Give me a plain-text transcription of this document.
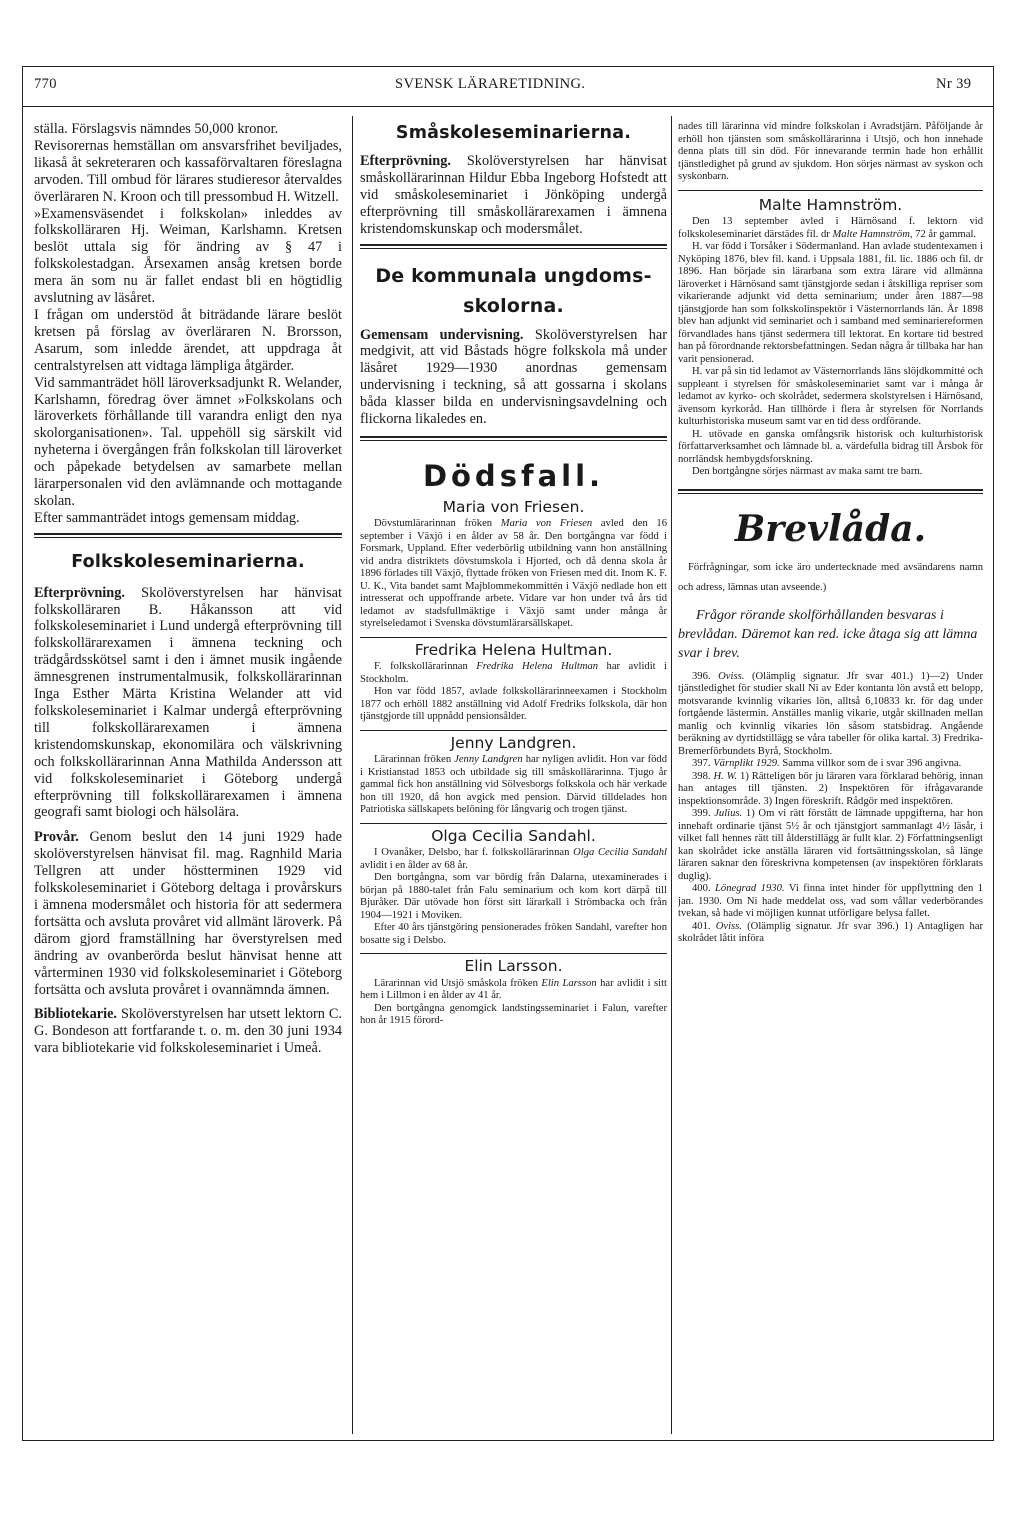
770	SVENSK LÄRARETIDNING.	Nr 39

ställa. Förslagsvis nämndes 50,000 kronor.

Revisorernas hemställan om ansvarsfrihet beviljades, likaså åt sekreteraren och kassaförvaltaren föreslagna arvoden. Till ombud för lärares studieresor återvaldes överläraren N. Kroon och till pressombud H. Witzell.

»Examensväsendet i folkskolan» inleddes av folkskolläraren Hj. Weiman, Karlshamn. Kretsen beslöt uttala sig för ändring av § 47 i folkskolestadgan. Årsexamen ansåg kretsen borde mera än som nu är fallet endast bli en högtidlig avslutning av läsåret.

I frågan om understöd åt biträdande lärare beslöt kretsen på förslag av överläraren N. Brorsson, Asarum, som inledde ärendet, att uppdraga åt centralstyrelsen att vidtaga lämpliga åtgärder.

Vid sammanträdet höll läroverksadjunkt R. Welander, Karlshamn, föredrag över ämnet »Folkskolans och läroverkets förhållande till varandra enligt den nya skolorganisationen». Tal. uppehöll sig särskilt vid nyheterna i övergången från folkskolan till läroverket och påpekade betydelsen av samarbete mellan lärarpersonalen vid den avlämnande och mottagande skolan.

Efter sammanträdet intogs gemensam middag.

Folkskoleseminarierna.

Efterprövning. Skolöverstyrelsen har hänvisat folkskolläraren B. Håkansson att vid folkskoleseminariet i Lund undergå efterprövning till folkskollärarexamen i ämnena teckning och trädgårdsskötsel samt i den i ämnet musik ingående ämnesgrenen instrumentalmusik, folkskollärarinnan Inga Esther Märta Kristina Welander att vid folkskoleseminariet i Kalmar undergå efterprövning till folkskollärarexamen i ämnena kristendomskunskap, ekonomilära och välskrivning och folkskollärarinnan Anna Mathilda Andersson att vid folkskoleseminariet i Göteborg undergå efterprövning till folkskollärarexamen i ämnena geografi samt biologi och hälsolära.

Provår. Genom beslut den 14 juni 1929 hade skolöverstyrelsen hänvisat fil. mag. Ragnhild Maria Tellgren att under höstterminen 1929 vid folkskoleseminariet i Göteborg deltaga i provårskurs i ämnena modersmålet och historia för att sedermera fortsätta och avsluta provåret vid allmänt läroverk. På därom gjord framställning har överstyrelsen med ändring av ovanberörda beslut hänvisat henne att vårterminen 1930 vid folkskoleseminariet i Göteborg fortsätta och avsluta provåret i ovannämnda ämnen.

Bibliotekarie. Skolöverstyrelsen har utsett lektorn C. G. Bondeson att fortfarande t. o. m. den 30 juni 1934 vara bibliotekarie vid folkskoleseminariet i Umeå.

Småskoleseminarierna.

Efterprövning. Skolöverstyrelsen har hänvisat småskollärarinnan Hildur Ebba Ingeborg Hofstedt att vid småskoleseminariet i Jönköping undergå efterprövning till småskollärarexamen i ämnena kristendomskunskap och modersmålet.

De kommunala ungdoms-
skolorna.

Gemensam undervisning. Skolöverstyrelsen har medgivit, att vid Båstads högre folkskola må under läsåret 1929—1930 anordnas gemensam undervisning i teckning, så att gossarna i skolans båda klasser bilda en undervisningsavdelning och flickorna likaledes en.

Dödsfall.
Maria von Friesen.

Dövstumlärarinnan fröken Maria von Friesen avled den 16 september i Växjö i en ålder av 58 år. Den bortgångna var född i Forsmark, Uppland. Efter vederbörlig utbildning vann hon anställning vid andra distriktets dövstumskola i Hjorted, och då denna skola år 1896 förlades till Växjö, flyttade fröken von Friesen med dit. Inom K. F. U. K., Vita bandet samt Majblommekommittén i Växjö nedlade hon ett intresserat och uppoffrande arbete. Vidare var hon under två års tid ledamot av stadsfullmäktige i Växjö samt under många år styrelseledamot i Svenska dövstumlärarsällskapet.

Fredrika Helena Hultman.

F. folkskollärarinnan Fredrika Helena Hultman har avlidit i Stockholm.

Hon var född 1857, avlade folkskollärarinneexamen i Stockholm 1877 och erhöll 1882 anställning vid Adolf Fredriks folkskola, där hon tjänstgjorde till uppnådd pensionsålder.

Jenny Landgren.

Lärarinnan fröken Jenny Landgren har nyligen avlidit. Hon var född i Kristianstad 1853 och utbildade sig till småskollärarinna. Tjugo år gammal fick hon anställning vid Sölvesborgs folkskola och här verkade hon till 1920, då hon avgick med pension. Därvid tilldelades hon Patriotiska sällskapets belöning för långvarig och trogen tjänst.

Olga Cecilia Sandahl.

I Ovanåker, Delsbo, har f. folkskollärarinnan Olga Cecilia Sandahl avlidit i en ålder av 68 år.

Den bortgångna, som var bördig från Dalarna, utexaminerades i början på 1880-talet från Falu seminarium och kom kort därpå till Bjuråker. Där utövade hon först sitt lärarkall i Strömbacka och från 1904—1921 i Moviken.

Efter 40 års tjänstgöring pensionerades fröken Sandahl, varefter hon bosatte sig i Delsbo.

Elin Larsson.

Lärarinnan vid Utsjö småskola fröken Elin Larsson har avlidit i sitt hem i Lillmon i en ålder av 41 år.

Den bortgångna genomgick landstingsseminariet i Falun, varefter hon år 1915 förord-

nades till lärarinna vid mindre folkskolan i Avradstjärn. Påföljande år erhöll hon tjänsten som småskollärarinna i Utsjö, och hon innehade denna plats till sin död. För innevarande termin hade hon erhållit tjänstledighet på grund av sjukdom. Hon sörjes närmast av syskon och syskonbarn.

Malte Hamnström.

Den 13 september avled i Härnösand f. lektorn vid folkskoleseminariet därstädes fil. dr Malte Hamnström, 72 år gammal.

H. var född i Torsåker i Södermanland. Han avlade studentexamen i Nyköping 1876, blev fil. kand. i Uppsala 1881, fil. lic. 1886 och fil. dr 1896. Han började sin lärarbana som extra lärare vid allmänna läroverket i Härnösand samt tjänstgjorde sedan i åtskilliga repriser som vikarierande adjunkt vid detta seminarium; under åren 1887—98 tjänstgjorde han som folkskolinspektör i Västernorrlands län. År 1898 blev han adjunkt vid seminariet och i samband med seminariereformen förvandlades hans tjänst sedermera till lektorat. En kortare tid bestred han på förordnande rektorsbefattningen. Sedan några år tillbaka har han varit pensionerad.

H. var på sin tid ledamot av Västernorrlands läns slöjdkommitté och suppleant i styrelsen för småskoleseminariet samt var i många år ledamot av kyrko- och skolrådet, sedermera skolstyrelsen i Härnösand, ävensom kyrkoråd. Han tillhörde i flera år styrelsen för Norrlands kulturhistoriska museum samt var en tid dess ordförande.

H. utövade en ganska omfångsrik historisk och kulturhistorisk författarverksamhet och lämnade bl. a. värdefulla bidrag till Årsbok för norrländsk hembygdsforskning.

Den bortgångne sörjes närmast av maka samt tre barn.

Brevlåda.

Förfrågningar, som icke äro undertecknade med avsändarens namn och adress, lämnas utan avseende.)

Frågor rörande skolförhållanden besvaras i brevlådan. Däremot kan red. icke åtaga sig att lämna svar i brev.

396. Oviss. (Olämplig signatur. Jfr svar 401.) 1)—2) Under tjänstledighet för studier skall Ni av Eder kontanta lön avstå ett belopp, motsvarande kvinnlig vikaries lön, alltså 6,10833 kr. för dag under fortgående lästermin. Anställes manlig vikarie, utgår skillnaden mellan manlig och kvinnlig vikaries lön såsom statsbidrag. Angående beräkning av dyrtidstillägg se våra tabeller för olika kartal. 3) Fredrika-Bremerförbundets Byrå, Stockholm.

397. Värnplikt 1929. Samma villkor som de i svar 396 angivna.

398. H. W. 1) Rätteligen bör ju läraren vara förklarad behörig, innan han antages till tjänsten. 2) Inspektören för ifrågavarande inspektionsområde. 3) Ingen föreskrift. Rådgör med inspektören.

399. Julius. 1) Om vi rätt förstått de lämnade uppgifterna, har hon innehaft ordinarie tjänst 5½ år och tjänstgjort sammanlagt 4½ läsår, i vilket fall hennes rätt till ålderstillägg är fullt klar. 2) Författningsenligt kan skolrådet icke anställa läraren vid fortsättningsskolan, så länge läraren saknar den föreskrivna kompetensen (av inspektören förklarats duglig).

400. Lönegrad 1930. Vi finna intet hinder för uppflyttning den 1 jan. 1930. Om Ni hade meddelat oss, vad som vållar vederbörandes tvekan, så hade vi möjligen kunnat utförligare belysa fallet.

401. Oviss. (Olämplig signatur. Jfr svar 396.) 1) Antagligen har skolrådet låtit införa
